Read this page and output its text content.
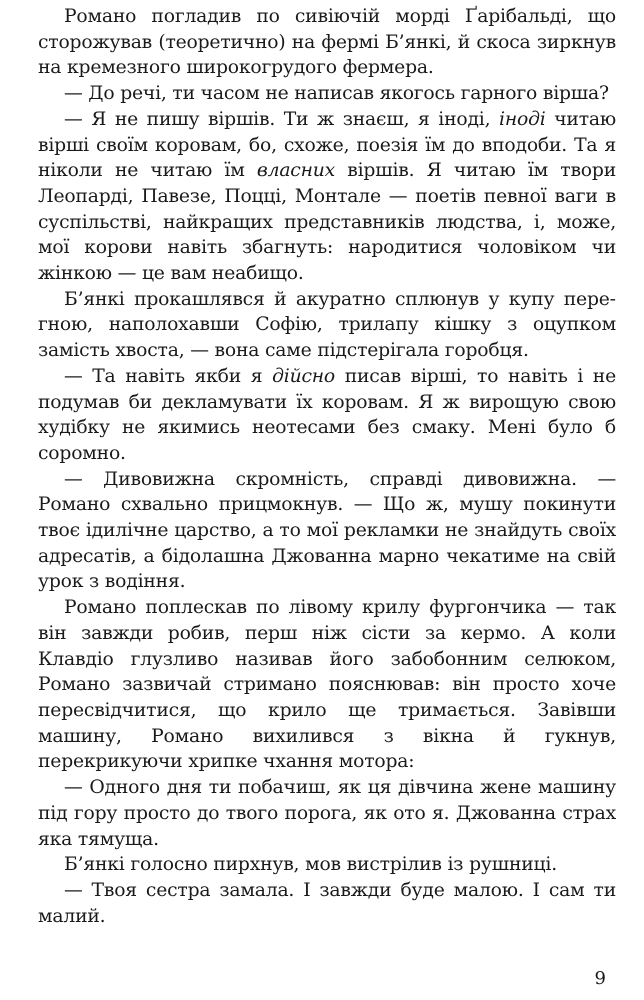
Романо погладив по сивіючій морді Ґарібальді, що сторожував (теоретично) на фермі Б’янкі, й скоса зиркнув на кремезного широкогрудого фермера.

— До речі, ти часом не написав якогось гарного вірша?

— Я не пишу віршів. Ти ж знаєш, я іноді, іноді читаю вірші своїм коровам, бо, схоже, поезія їм до вподоби. Та я ніколи не читаю їм власних віршів. Я читаю їм твори Леопарді, Павезе, Поцці, Монтале — поетів певної ваги в суспільстві, найкращих представників людства, і, може, мої корови навіть збагнуть: народитися чоловіком чи жінкою — це вам неабищо.

Б’янкі прокашлявся й акуратно сплюнув у купу перегною, наполохавши Софію, трилапу кішку з оцупком замість хвоста, — вона саме підстерігала горобця.

— Та навіть якби я дійсно писав вірші, то навіть і не подумав би декламувати їх коровам. Я ж вирощую свою худібку не якимись неотесами без смаку. Мені було б соромно.

— Дивовижна скромність, справді дивовижна. — Романо схвально прицмокнув. — Що ж, мушу покинути твоє ідилічне царство, а то мої рекламки не знайдуть своїх адресатів, а бідолашна Джованна марно чекатиме на свій урок з водіння.

Романо поплескав по лівому крилу фургончика — так він завжди робив, перш ніж сісти за кермо. А коли Клавдіо глузливо називав його забобонним селюком, Романо зазвичай стримано пояснював: він просто хоче пересвідчитися, що крило ще тримається. Завівши машину, Романо вихилився з вікна й гукнув, перекрикуючи хрипке чхання мотора:

— Одного дня ти побачиш, як ця дівчина жене машину під гору просто до твого порога, як ото я. Джованна страх яка тямуща.

Б’янкі голосно пирхнув, мов вистрілив із рушниці.

— Твоя сестра замала. І завжди буде малою. І сам ти малий.

9
